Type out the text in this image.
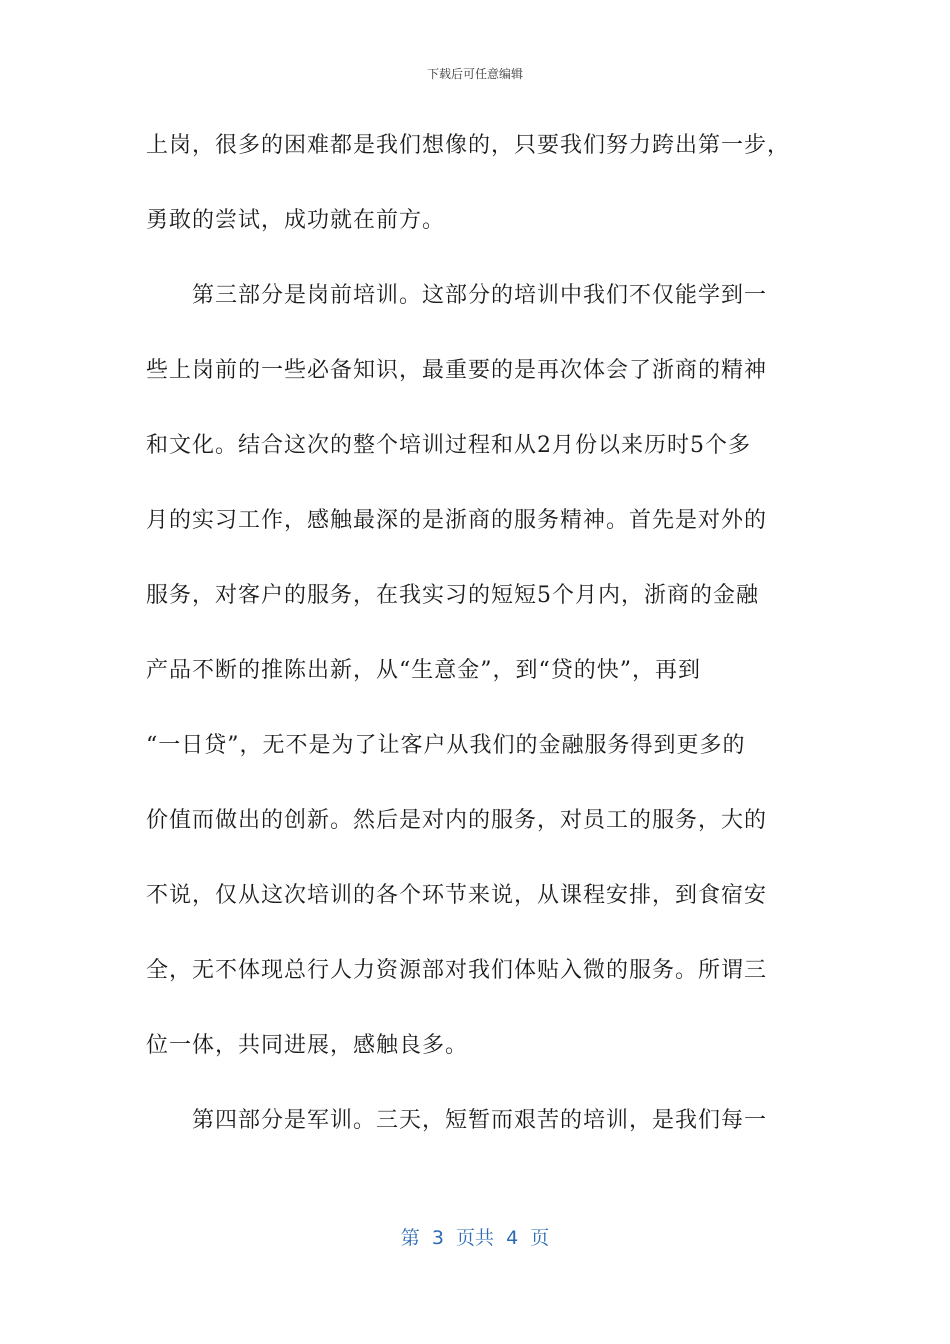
下载后可任意编辑
上岗，很多的困难都是我们想像的，只要我们努力跨出第一步，
勇敢的尝试，成功就在前方。
第三部分是岗前培训。这部分的培训中我们不仅能学到一
些上岗前的一些必备知识，最重要的是再次体会了浙商的精神
和文化。结合这次的整个培训过程和从2月份以来历时5个多
月的实习工作，感触最深的是浙商的服务精神。首先是对外的
服务，对客户的服务，在我实习的短短5个月内，浙商的金融
产品不断的推陈出新，从“生意金”，到“贷的快”，再到
“一日贷”，无不是为了让客户从我们的金融服务得到更多的
价值而做出的创新。然后是对内的服务，对员工的服务，大的
不说，仅从这次培训的各个环节来说，从课程安排，到食宿安
全，无不体现总行人力资源部对我们体贴入微的服务。所谓三
位一体，共同进展，感触良多。
第四部分是军训。三天，短暂而艰苦的培训，是我们每一
第  3  页共  4  页
